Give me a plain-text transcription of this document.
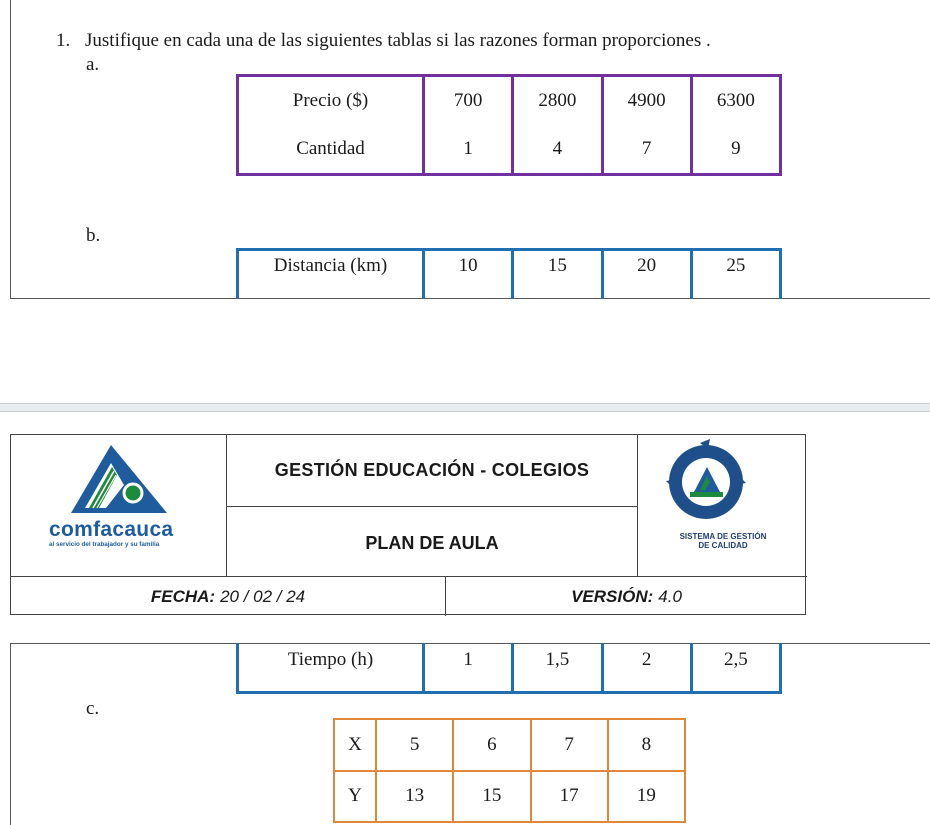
1. Justifique en cada una de las siguientes tablas si las razones forman proporciones .
a.
Precio ($)	700	2800	4900	6300
Cantidad	1	4	7	9
b.
Distancia (km)	10	15	20	25
comfacauca
al servicio del trabajador y su familia
GESTIÓN EDUCACIÓN - COLEGIOS
PLAN DE AULA	SISTEMA DE GESTIÓN
DE CALIDAD
FECHA: 20 / 02 / 24	VERSIÓN: 4.0
Tiempo (h)	1	1,5	2	2,5
c.
X	5	6	7	8
Y	13	15	17	19
